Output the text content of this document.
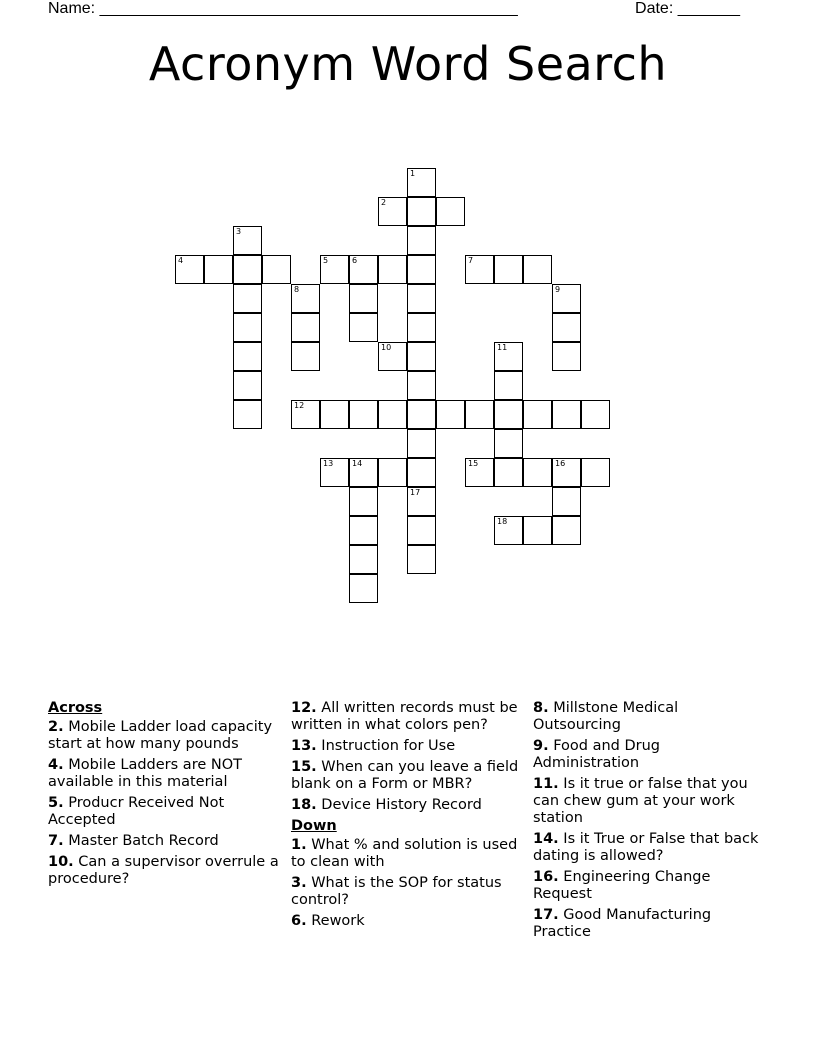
Name: _______________________________________________	Date: _______
Acronym Word Search
1
2
3
4	5	6	7
8	9
10	11
12
13 14	15	16
17
18
Across
2. Mobile Ladder load capacity start at how many pounds
4. Mobile Ladders are NOT available in this material
5. Producr Received Not Accepted
7. Master Batch Record
10. Can a supervisor overrule a procedure?
12. All written records must be written in what colors pen?
13. Instruction for Use
15. When can you leave a field blank on a Form or MBR?
18. Device History Record
Down
1. What % and solution is used to clean with
3. What is the SOP for status control?
6. Rework
8. Millstone Medical Outsourcing
9. Food and Drug Administration
11. Is it true or false that you can chew gum at your work station
14. Is it True or False that back dating is allowed?
16. Engineering Change Request
17. Good Manufacturing Practice
